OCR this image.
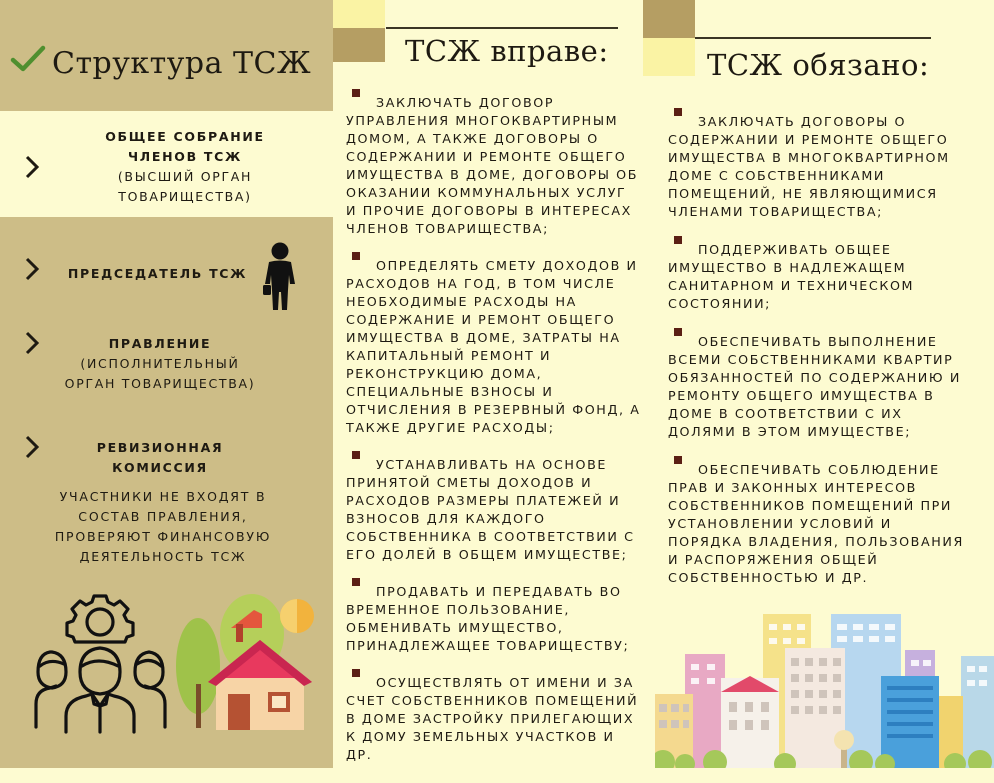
Структура ТСЖ
ОБЩЕЕ СОБРАНИЕ
ЧЛЕНОВ ТСЖ
(ВЫСШИЙ ОРГАН
ТОВАРИЩЕСТВА)
ПРЕДСЕДАТЕЛЬ ТСЖ
ПРАВЛЕНИЕ
(ИСПОЛНИТЕЛЬНЫЙ
ОРГАН ТОВАРИЩЕСТВА)
РЕВИЗИОННАЯ
КОМИССИЯ
УЧАСТНИКИ НЕ ВХОДЯТ В
СОСТАВ ПРАВЛЕНИЯ,
ПРОВЕРЯЮТ ФИНАНСОВУЮ
ДЕЯТЕЛЬНОСТЬ ТСЖ
ТСЖ вправе:

ЗАКЛЮЧАТЬ ДОГОВОР УПРАВЛЕНИЯ МНОГОКВАРТИРНЫМ ДОМОМ, А ТАКЖЕ ДОГОВОРЫ О СОДЕРЖАНИИ И РЕМОНТЕ ОБЩЕГО ИМУЩЕСТВА В ДОМЕ, ДОГОВОРЫ ОБ ОКАЗАНИИ КОММУНАЛЬНЫХ УСЛУГ И ПРОЧИЕ ДОГОВОРЫ В ИНТЕРЕСАХ ЧЛЕНОВ ТОВАРИЩЕСТВА;

ОПРЕДЕЛЯТЬ СМЕТУ ДОХОДОВ И РАСХОДОВ НА ГОД, В ТОМ ЧИСЛЕ НЕОБХОДИМЫЕ РАСХОДЫ НА СОДЕРЖАНИЕ И РЕМОНТ ОБЩЕГО ИМУЩЕСТВА В ДОМЕ, ЗАТРАТЫ НА КАПИТАЛЬНЫЙ РЕМОНТ И РЕКОНСТРУКЦИЮ ДОМА, СПЕЦИАЛЬНЫЕ ВЗНОСЫ И ОТЧИСЛЕНИЯ В РЕЗЕРВНЫЙ ФОНД, А ТАКЖЕ ДРУГИЕ РАСХОДЫ;

УСТАНАВЛИВАТЬ НА ОСНОВЕ ПРИНЯТОЙ СМЕТЫ ДОХОДОВ И РАСХОДОВ РАЗМЕРЫ ПЛАТЕЖЕЙ И ВЗНОСОВ ДЛЯ КАЖДОГО СОБСТВЕННИКА В СООТВЕТСТВИИ С ЕГО ДОЛЕЙ В ОБЩЕМ ИМУЩЕСТВЕ;

ПРОДАВАТЬ И ПЕРЕДАВАТЬ ВО ВРЕМЕННОЕ ПОЛЬЗОВАНИЕ, ОБМЕНИВАТЬ ИМУЩЕСТВО, ПРИНАДЛЕЖАЩЕЕ ТОВАРИЩЕСТВУ;

ОСУЩЕСТВЛЯТЬ ОТ ИМЕНИ И ЗА СЧЕТ СОБСТВЕННИКОВ ПОМЕЩЕНИЙ В ДОМЕ ЗАСТРОЙКУ ПРИЛЕГАЮЩИХ К ДОМУ ЗЕМЕЛЬНЫХ УЧАСТКОВ И ДР.

ТСЖ обязано:

ЗАКЛЮЧАТЬ ДОГОВОРЫ О СОДЕРЖАНИИ И РЕМОНТЕ ОБЩЕГО ИМУЩЕСТВА В МНОГОКВАРТИРНОМ ДОМЕ С СОБСТВЕННИКАМИ ПОМЕЩЕНИЙ, НЕ ЯВЛЯЮЩИМИСЯ ЧЛЕНАМИ ТОВАРИЩЕСТВА;

ПОДДЕРЖИВАТЬ ОБЩЕЕ ИМУЩЕСТВО В НАДЛЕЖАЩЕМ САНИТАРНОМ И ТЕХНИЧЕСКОМ СОСТОЯНИИ;

ОБЕСПЕЧИВАТЬ ВЫПОЛНЕНИЕ ВСЕМИ СОБСТВЕННИКАМИ КВАРТИР ОБЯЗАННОСТЕЙ ПО СОДЕРЖАНИЮ И РЕМОНТУ ОБЩЕГО ИМУЩЕСТВА В ДОМЕ В СООТВЕТСТВИИ С ИХ ДОЛЯМИ В ЭТОМ ИМУЩЕСТВЕ;

ОБЕСПЕЧИВАТЬ СОБЛЮДЕНИЕ ПРАВ И ЗАКОННЫХ ИНТЕРЕСОВ СОБСТВЕННИКОВ ПОМЕЩЕНИЙ ПРИ УСТАНОВЛЕНИИ УСЛОВИЙ И ПОРЯДКА ВЛАДЕНИЯ, ПОЛЬЗОВАНИЯ И РАСПОРЯЖЕНИЯ ОБЩЕЙ СОБСТВЕННОСТЬЮ И ДР.
